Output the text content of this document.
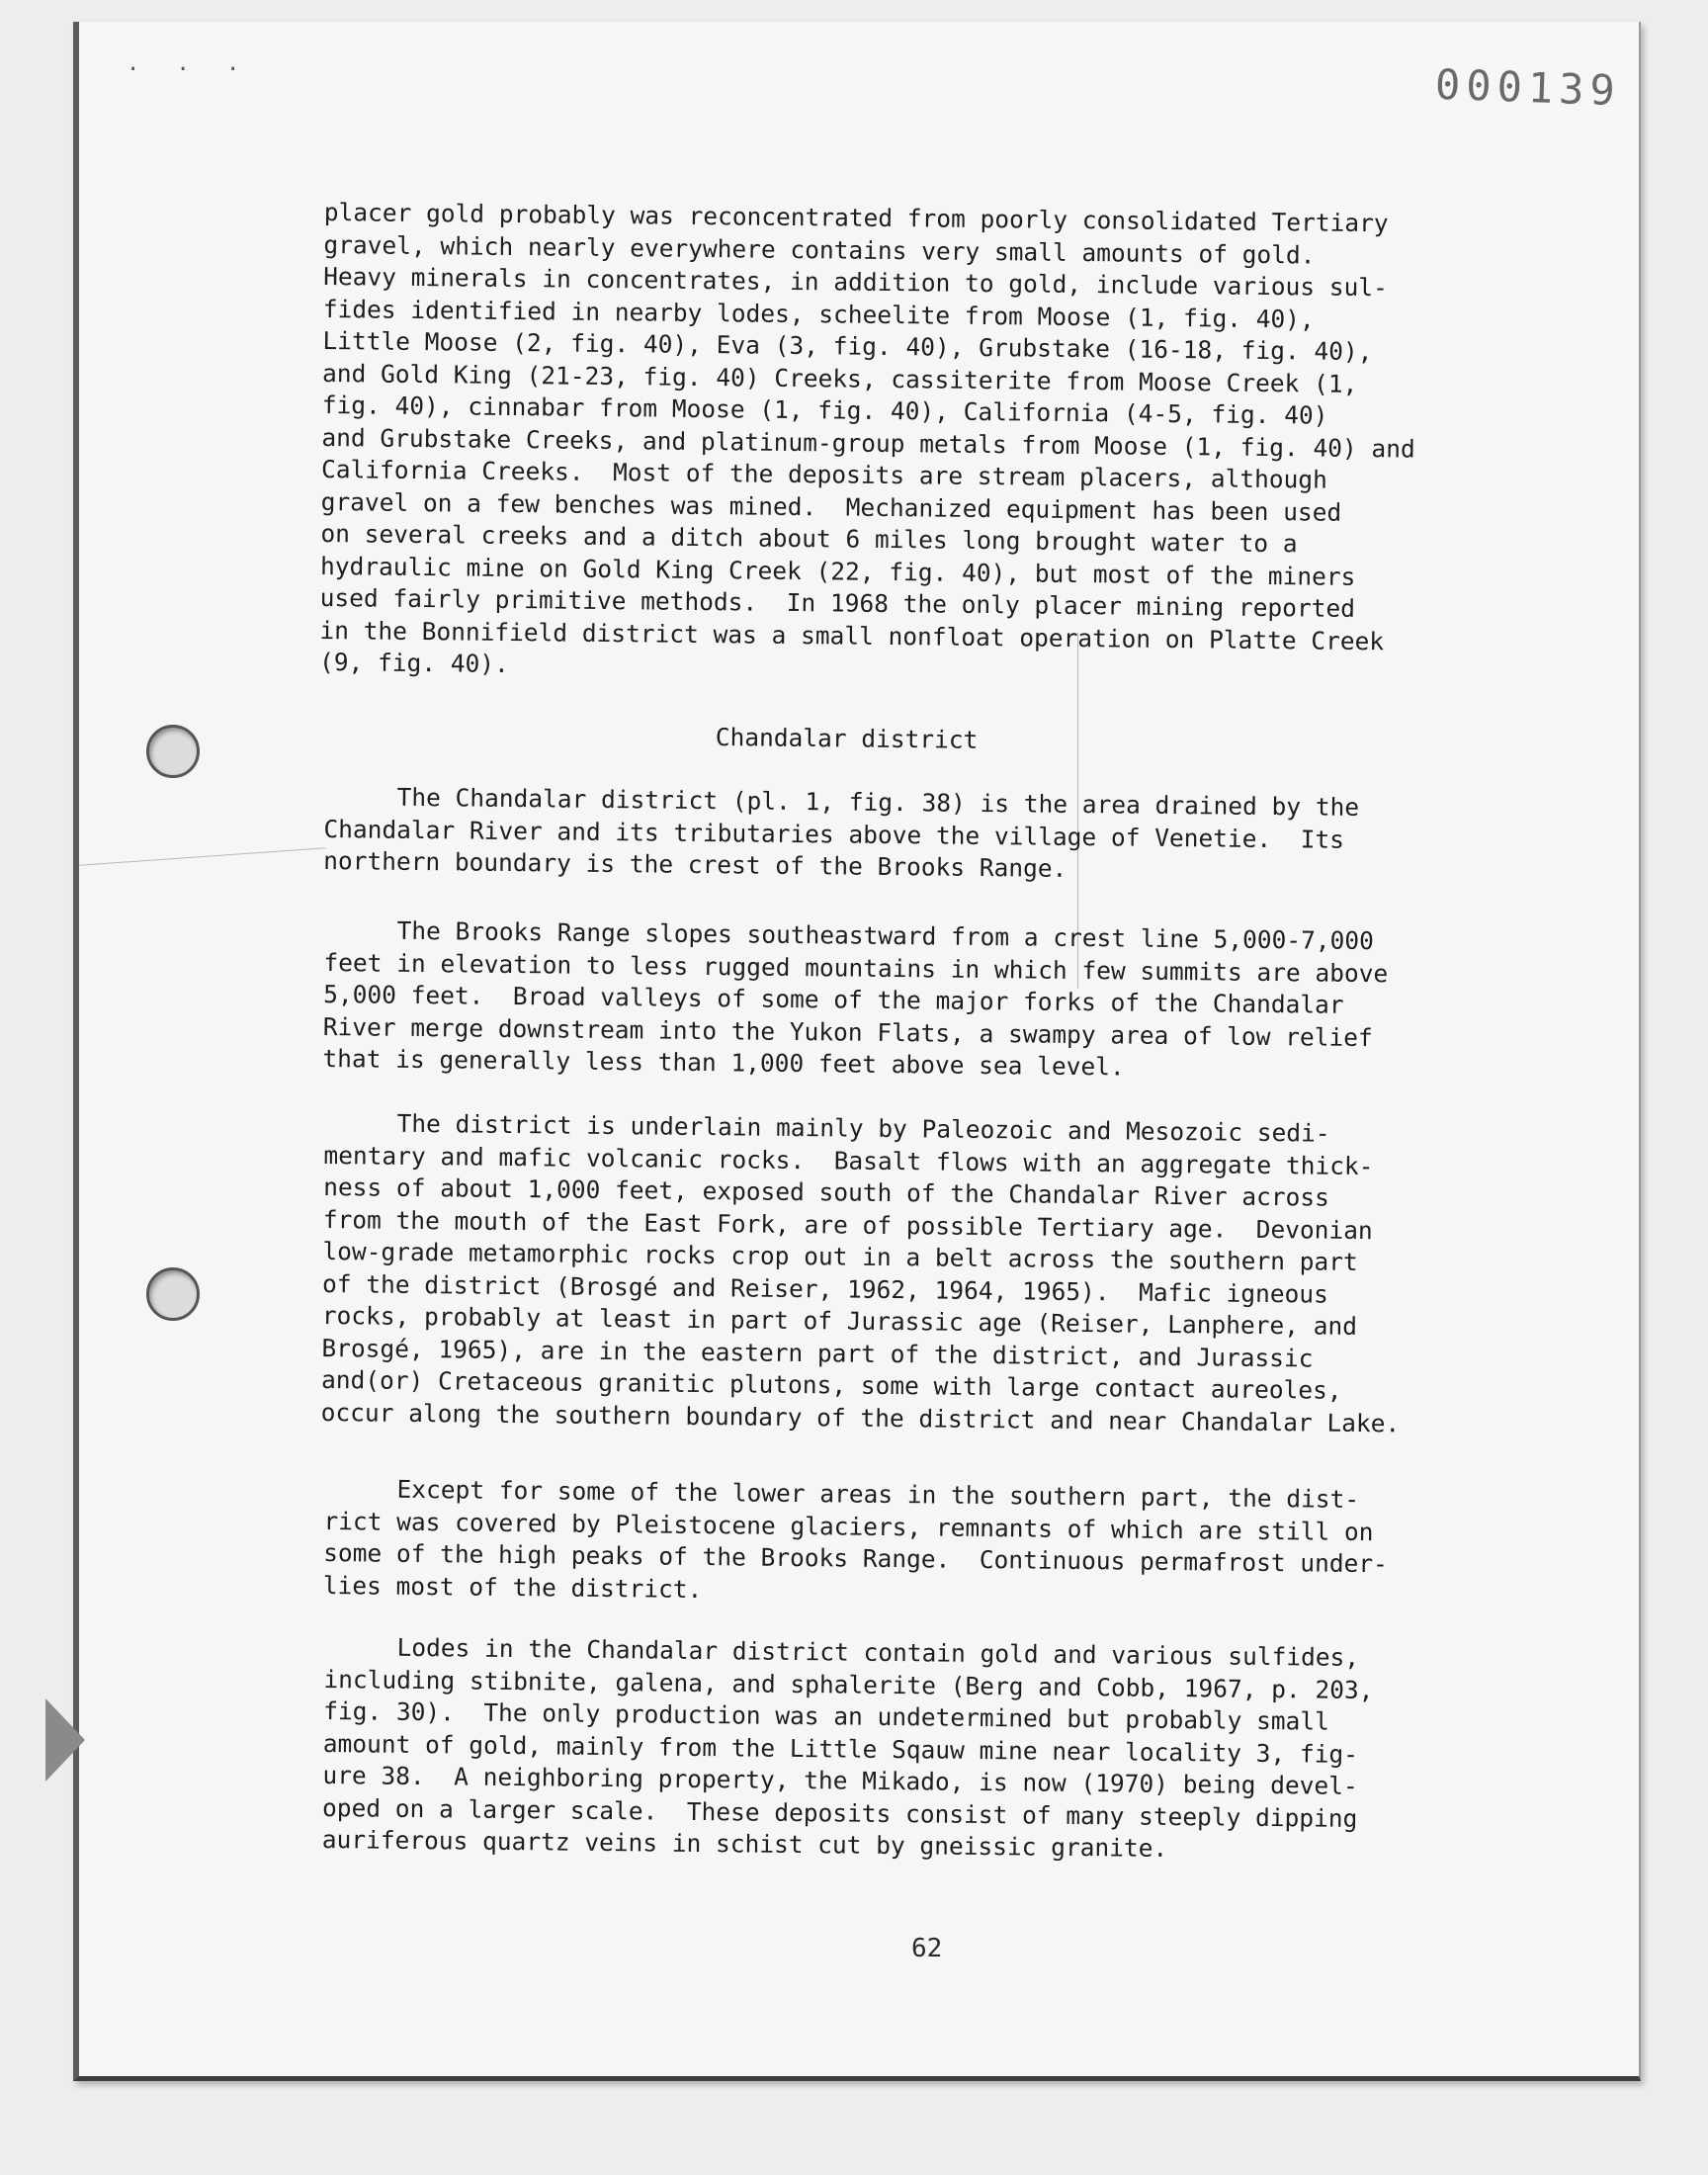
. . .	000139
placer gold probably was reconcentrated from poorly consolidated Tertiary
gravel, which nearly everywhere contains very small amounts of gold.
Heavy minerals in concentrates, in addition to gold, include various sul-
fides identified in nearby lodes, scheelite from Moose (1, fig. 40),
Little Moose (2, fig. 40), Eva (3, fig. 40), Grubstake (16-18, fig. 40),
and Gold King (21-23, fig. 40) Creeks, cassiterite from Moose Creek (1,
fig. 40), cinnabar from Moose (1, fig. 40), California (4-5, fig. 40)
and Grubstake Creeks, and platinum-group metals from Moose (1, fig. 40) and
California Creeks.  Most of the deposits are stream placers, although
gravel on a few benches was mined.  Mechanized equipment has been used
on several creeks and a ditch about 6 miles long brought water to a
hydraulic mine on Gold King Creek (22, fig. 40), but most of the miners
used fairly primitive methods.  In 1968 the only placer mining reported
in the Bonnifield district was a small nonfloat operation on Platte Creek
(9, fig. 40).
Chandalar district
The Chandalar district (pl. 1, fig. 38) is the area drained by the
Chandalar River and its tributaries above the village of Venetie.  Its
northern boundary is the crest of the Brooks Range.
The Brooks Range slopes southeastward from a crest line 5,000-7,000
feet in elevation to less rugged mountains in which few summits are above
5,000 feet.  Broad valleys of some of the major forks of the Chandalar
River merge downstream into the Yukon Flats, a swampy area of low relief
that is generally less than 1,000 feet above sea level.
The district is underlain mainly by Paleozoic and Mesozoic sedi-
mentary and mafic volcanic rocks.  Basalt flows with an aggregate thick-
ness of about 1,000 feet, exposed south of the Chandalar River across
from the mouth of the East Fork, are of possible Tertiary age.  Devonian
low-grade metamorphic rocks crop out in a belt across the southern part
of the district (Brosgé and Reiser, 1962, 1964, 1965).  Mafic igneous
rocks, probably at least in part of Jurassic age (Reiser, Lanphere, and
Brosgé, 1965), are in the eastern part of the district, and Jurassic
and(or) Cretaceous granitic plutons, some with large contact aureoles,
occur along the southern boundary of the district and near Chandalar Lake.
Except for some of the lower areas in the southern part, the dist-
rict was covered by Pleistocene glaciers, remnants of which are still on
some of the high peaks of the Brooks Range.  Continuous permafrost under-
lies most of the district.
Lodes in the Chandalar district contain gold and various sulfides,
including stibnite, galena, and sphalerite (Berg and Cobb, 1967, p. 203,
fig. 30).  The only production was an undetermined but probably small
amount of gold, mainly from the Little Sqauw mine near locality 3, fig-
ure 38.  A neighboring property, the Mikado, is now (1970) being devel-
oped on a larger scale.  These deposits consist of many steeply dipping
auriferous quartz veins in schist cut by gneissic granite.
62
